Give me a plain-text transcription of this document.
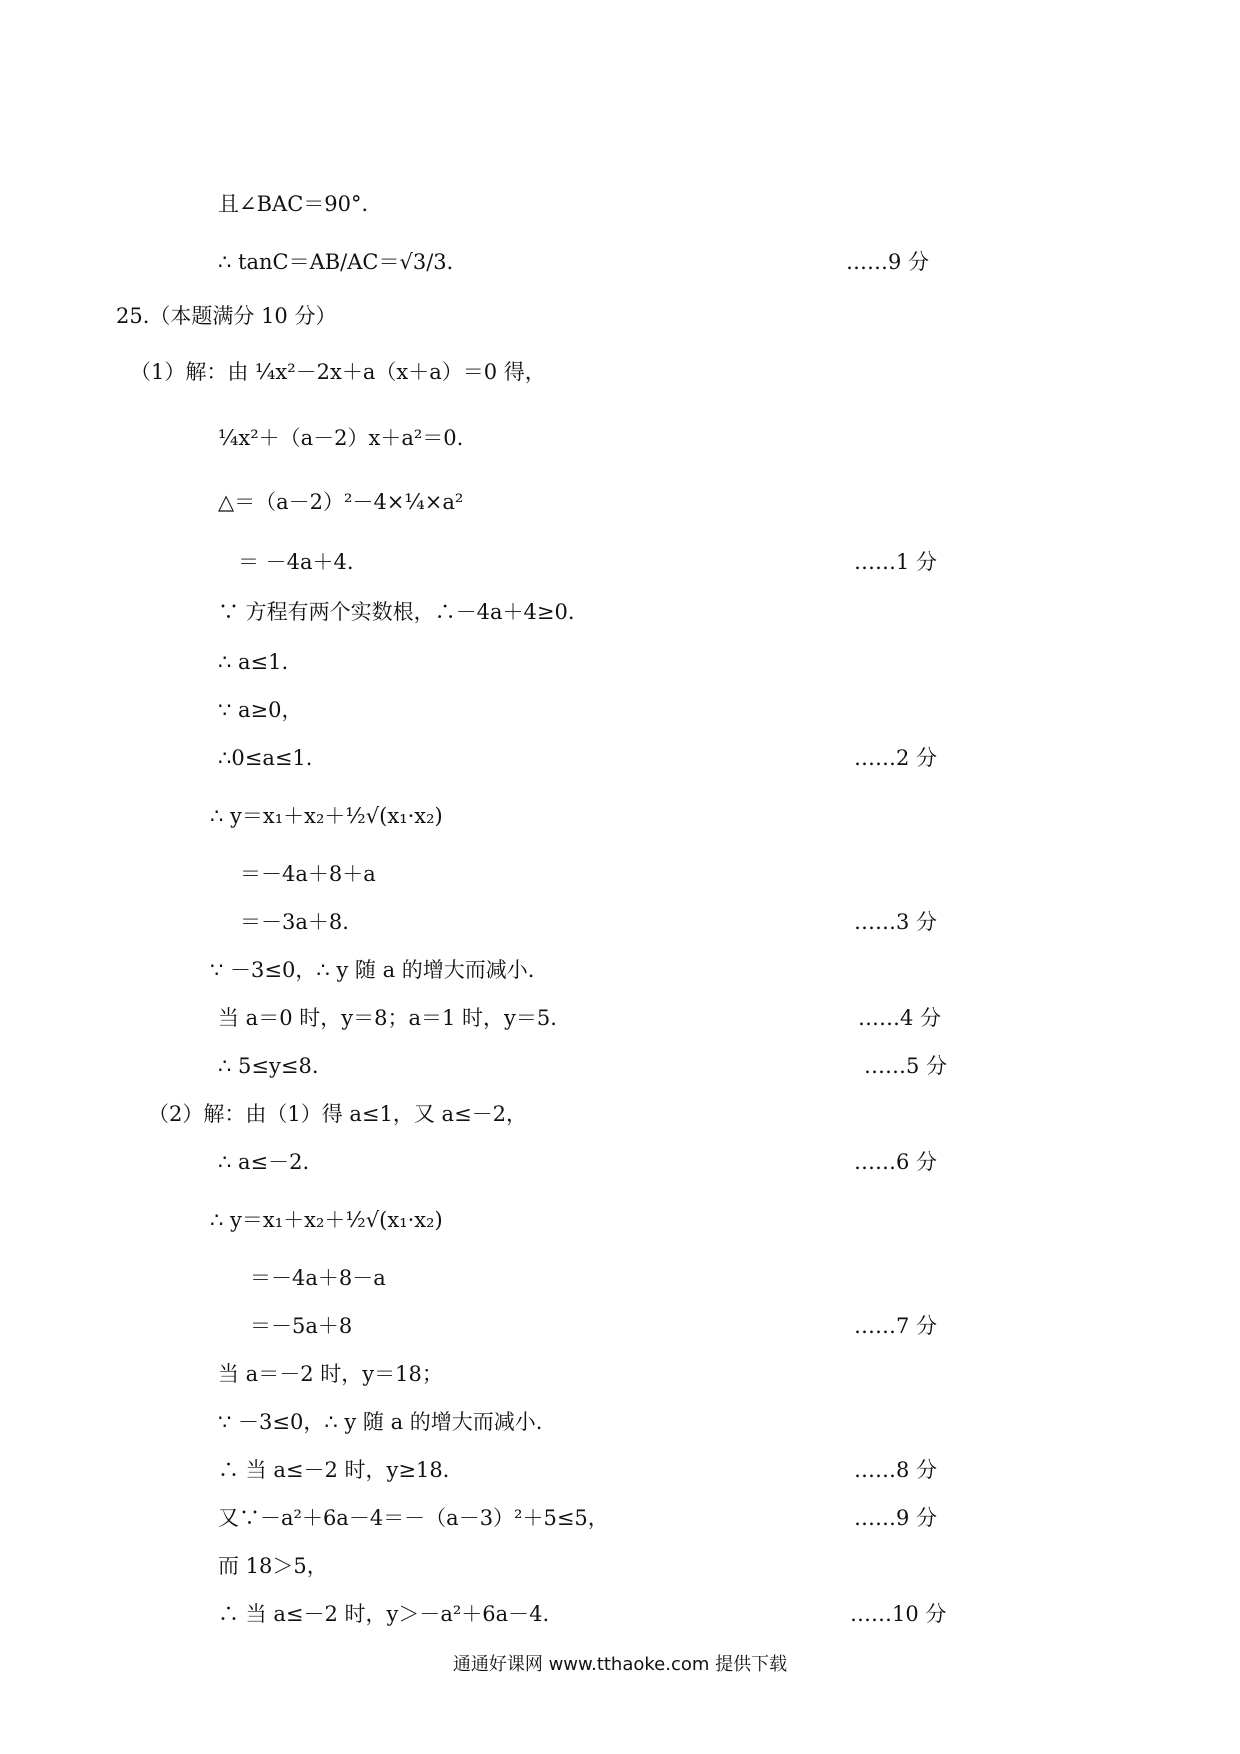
且∠BAC＝90°．
∴ tanC＝AB/AC＝√3/3．	……9 分
25.（本题满分 10 分）
（1）解：由 ¼x²－2x＋a（x＋a）＝0 得，
¼x²＋（a－2）x＋a²＝0.
△＝（a－2）²－4×¼×a²
＝ －4a＋4.	……1 分
∵ 方程有两个实数根，∴－4a＋4≥0.
∴ a≤1.
∵ a≥0，
∴0≤a≤1.	……2 分
∴ y＝x₁＋x₂＋½√(x₁·x₂)
＝－4a＋8＋a
＝－3a＋8.	……3 分
∵ －3≤0，∴ y 随 a 的增大而减小.
当 a＝0 时，y＝8；a＝1 时，y＝5.	……4 分
∴ 5≤y≤8.	……5 分
（2）解：由（1）得 a≤1，又 a≤－2，
∴ a≤－2.	……6 分
∴ y＝x₁＋x₂＋½√(x₁·x₂)
＝－4a＋8－a
＝－5a＋8	……7 分
当 a＝－2 时，y＝18；
∵ －3≤0，∴ y 随 a 的增大而减小.
∴ 当 a≤－2 时，y≥18.	……8 分
又∵－a²＋6a－4＝－（a－3）²＋5≤5，	……9 分
而 18＞5，
∴ 当 a≤－2 时，y＞－a²＋6a－4.	……10 分
通通好课网 www.tthaoke.com 提供下载
